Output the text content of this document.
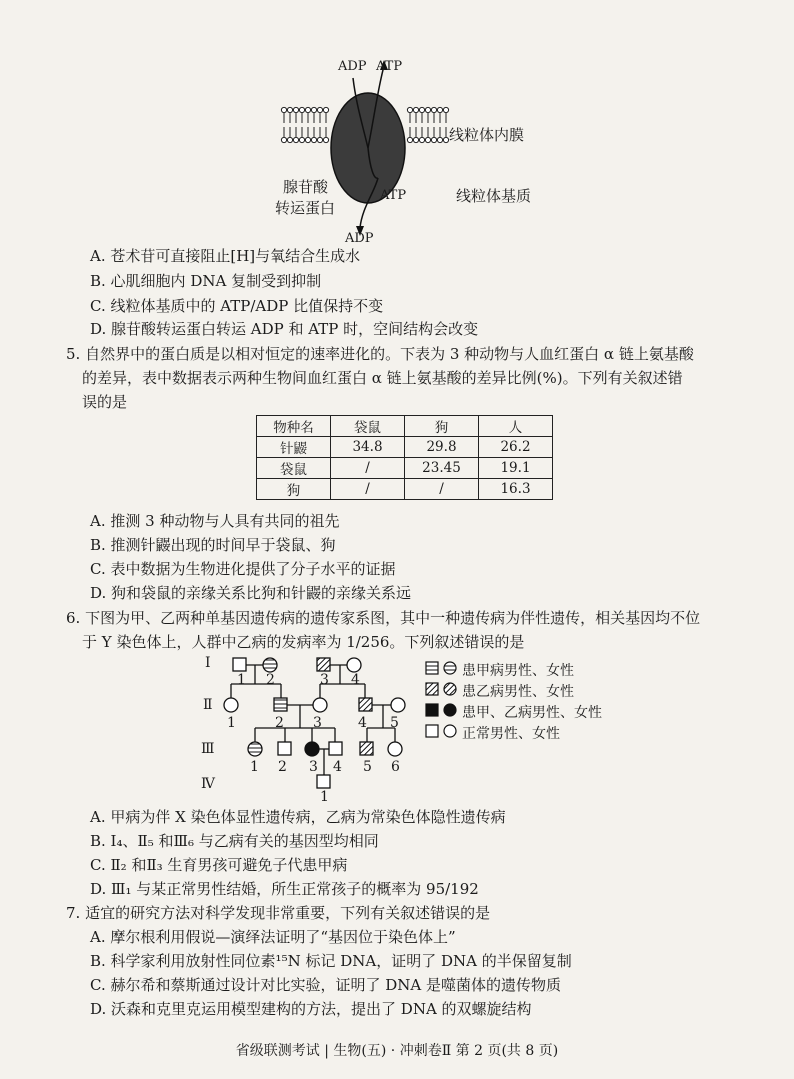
ADP ATP
线粒体内膜
腺苷酸
转运蛋白
ATP	线粒体基质
ADP
A. 苍术苷可直接阻止[H]与氧结合生成水
B. 心肌细胞内 DNA 复制受到抑制
C. 线粒体基质中的 ATP/ADP 比值保持不变
D. 腺苷酸转运蛋白转运 ADP 和 ATP 时，空间结构会改变
5. 自然界中的蛋白质是以相对恒定的速率进化的。下表为 3 种动物与人血红蛋白 α 链上氨基酸
的差异，表中数据表示两种生物间血红蛋白 α 链上氨基酸的差异比例(%)。下列有关叙述错
误的是
物种名	袋鼠	狗	人
针鼹	34.8	29.8	26.2
袋鼠	/	23.45	19.1
狗	/	/	16.3
A. 推测 3 种动物与人具有共同的祖先
B. 推测针鼹出现的时间早于袋鼠、狗
C. 表中数据为生物进化提供了分子水平的证据
D. 狗和袋鼠的亲缘关系比狗和针鼹的亲缘关系远
6. 下图为甲、乙两种单基因遗传病的遗传家系图，其中一种遗传病为伴性遗传，相关基因均不位
于 Y 染色体上，人群中乙病的发病率为 1/256。下列叙述错误的是
Ⅰ
Ⅱ
Ⅲ
Ⅳ
1 2	3 4
1	2 3	4 5
1 2 3 4 5 6
1
患甲病男性、女性
患乙病男性、女性
患甲、乙病男性、女性
正常男性、女性
A. 甲病为伴 X 染色体显性遗传病，乙病为常染色体隐性遗传病
B. Ⅰ₄、Ⅱ₅ 和Ⅲ₆ 与乙病有关的基因型均相同
C. Ⅱ₂ 和Ⅱ₃ 生育男孩可避免子代患甲病
D. Ⅲ₁ 与某正常男性结婚，所生正常孩子的概率为 95/192
7. 适宜的研究方法对科学发现非常重要，下列有关叙述错误的是
A. 摩尔根利用假说—演绎法证明了“基因位于染色体上”
B. 科学家利用放射性同位素¹⁵N 标记 DNA，证明了 DNA 的半保留复制
C. 赫尔希和蔡斯通过设计对比实验，证明了 DNA 是噬菌体的遗传物质
D. 沃森和克里克运用模型建构的方法，提出了 DNA 的双螺旋结构
省级联测考试 | 生物(五) · 冲刺卷Ⅱ 第 2 页(共 8 页)
